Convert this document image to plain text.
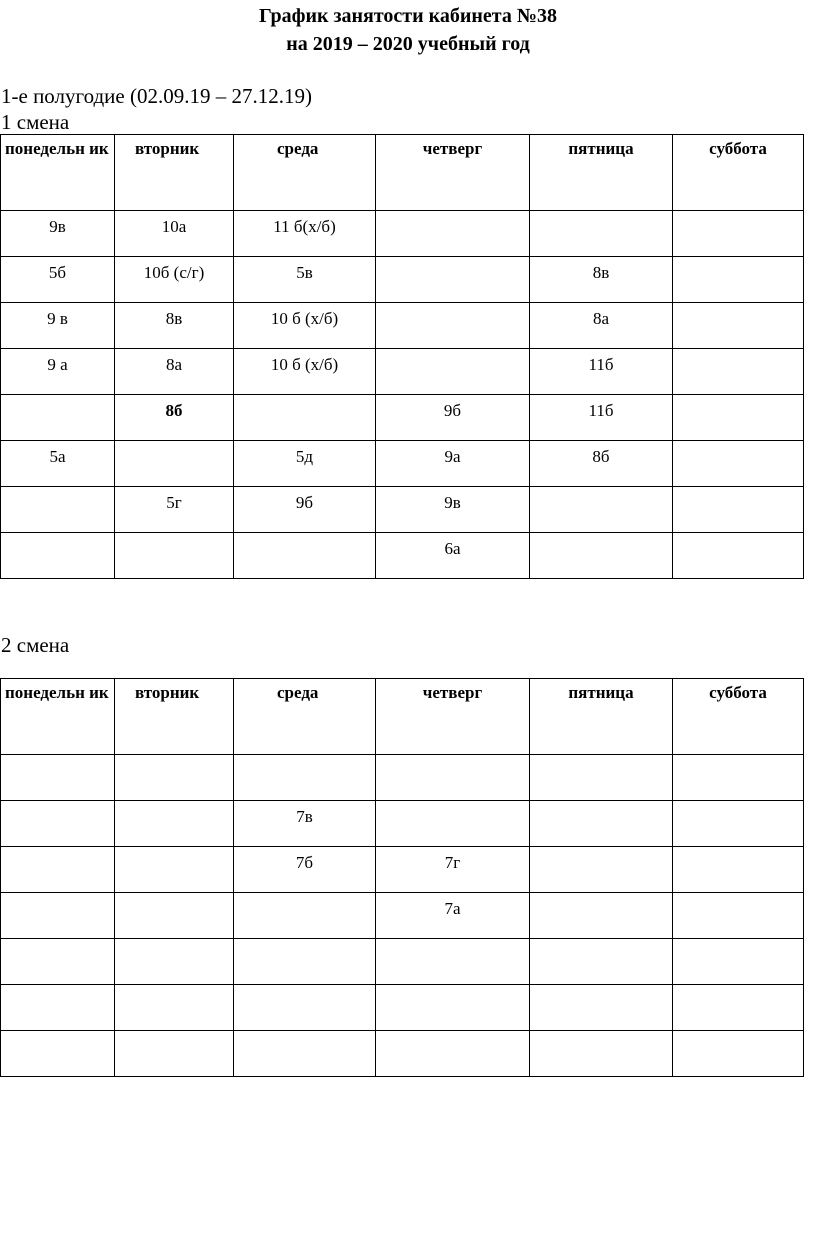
График занятости кабинета №38
на 2019 – 2020 учебный год
1-е полугодие (02.09.19 – 27.12.19)
1 смена
понедельн ик	вторник	среда	четверг	пятница	суббота
9в	10а	11 б(х/б)			
5б	10б (с/г)	5в		8в	
9 в	8в	10 б (х/б)		8а	
9 а	8а	10 б (х/б)		11б	
	8б		9б	11б	
5а		5д	9а	8б	
	5г	9б	9в		
			6а		
2 смена
понедельн ик	вторник	среда	четверг	пятница	суббота

		7в			
		7б	7г		
			7а		
